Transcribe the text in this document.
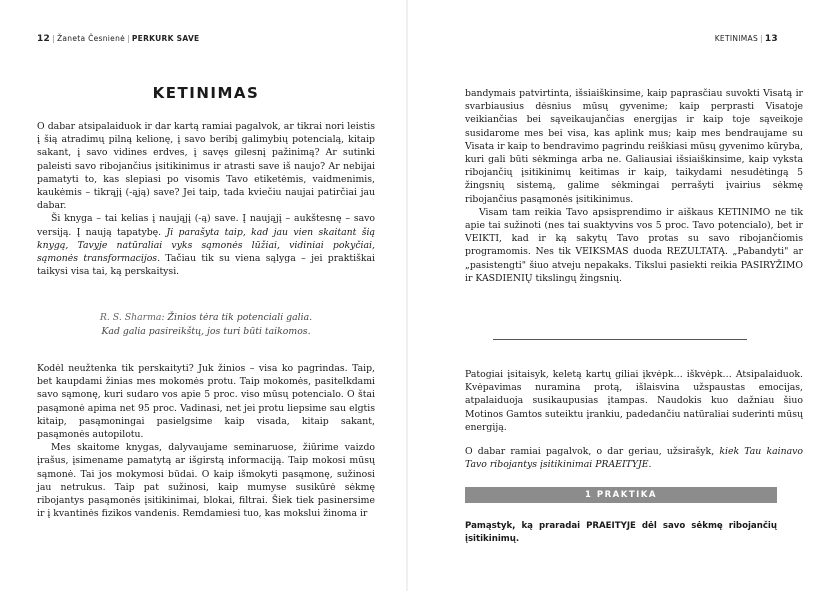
12 | Žaneta Česnienė | PERKURK SAVE
KETINIMAS

O dabar atsipalaiduok ir dar kartą ramiai pagalvok, ar tikrai nori leistis į šią atradimų pilną kelionę, į savo beribį galimybių potencialą, kitaip sakant, į savo vidines erdves, į savęs gilesnį pažinimą? Ar sutinki paleisti savo ribojančius įsitikinimus ir atrasti save iš naujo? Ar nebijai pamatyti to, kas slepiasi po visomis Tavo etiketėmis, vaidmenimis, kaukėmis – tikrąjį (-ąją) save? Jei taip, tada kviečiu naujai patirčiai jau dabar.

Ši knyga – tai kelias į naująjį (-ą) save. Į naująjį – aukštesnę – savo versiją. Į naują tapatybę. Ji parašyta taip, kad jau vien skaitant šią knygą, Tavyje natūraliai vyks sąmonės lūžiai, vidiniai pokyčiai, sąmonės transformacijos. Tačiau tik su viena sąlyga – jei praktiškai taikysi visa tai, ką perskaitysi.

R. S. Sharma: Žinios tėra tik potenciali galia.
Kad galia pasireikštų, jos turi būti taikomos.

Kodėl neužtenka tik perskaityti? Juk žinios – visa ko pagrindas. Taip, bet kaupdami žinias mes mokomės protu. Taip mokomės, pasitelkdami savo sąmonę, kuri sudaro vos apie 5 proc. viso mūsų potencialo. O štai pasąmonė apima net 95 proc. Vadinasi, net jei protu liepsime sau elgtis kitaip, pasąmoningai pasielgsime kaip visada, kitaip sakant, pasąmonės autopilotu.

Mes skaitome knygas, dalyvaujame seminaruose, žiūrime vaizdo įrašus, įsimename pamatytą ar išgirstą informaciją. Taip mokosi mūsų sąmonė. Tai jos mokymosi būdai. O kaip išmokyti pasąmonę, sužinosi jau netrukus. Taip pat sužinosi, kaip mumyse susikūrė sėkmę ribojantys pasąmonės įsitikinimai, blokai, filtrai. Šiek tiek pasinersime ir į kvantinės fizikos vandenis. Remdamiesi tuo, kas mokslui žinoma ir

KETINIMAS | 13

bandymais patvirtinta, išsiaiškinsime, kaip paprasčiau suvokti Visatą ir svarbiausius dėsnius mūsų gyvenime; kaip perprasti Visatoje veikiančias bei sąveikaujančias energijas ir kaip toje sąveikoje susidarome mes bei visa, kas aplink mus; kaip mes bendraujame su Visata ir kaip to bendravimo pagrindu reiškiasi mūsų gyvenimo kūryba, kuri gali būti sėkminga arba ne. Galiausiai išsiaiškinsime, kaip vyksta ribojančių įsitikinimų keitimas ir kaip, taikydami nesudėtingą 5 žingsnių sistemą, galime sėkmingai perrašyti įvairius sėkmę ribojančius pasąmonės įsitikinimus.

Visam tam reikia Tavo apsisprendimo ir aiškaus KETINIMO ne tik apie tai sužinoti (nes tai suaktyvins vos 5 proc. Tavo potencialo), bet ir VEIKTI, kad ir ką sakytų Tavo protas su savo ribojančiomis programomis. Nes tik VEIKSMAS duoda REZULTATĄ. „Pabandyti" ar „pasistengti" šiuo atveju nepakaks. Tikslui pasiekti reikia PASIRYŽIMO ir KASDIENIŲ tikslingų žingsnių.

Patogiai įsitaisyk, keletą kartų giliai įkvėpk… iškvėpk… Atsipalaiduok. Kvėpavimas nuramina protą, išlaisvina užspaustas emocijas, atpalaiduoja susikaupusias įtampas. Naudokis kuo dažniau šiuo Motinos Gamtos suteiktu įrankiu, padedančiu natūraliai suderinti mūsų energiją.

O dabar ramiai pagalvok, o dar geriau, užsirašyk, kiek Tau kainavo Tavo ribojantys įsitikinimai PRAEITYJE.

1 PRAKTIKA
Pamąstyk, ką praradai PRAEITYJE dėl savo sėkmę ribojančių įsitikinimų.
